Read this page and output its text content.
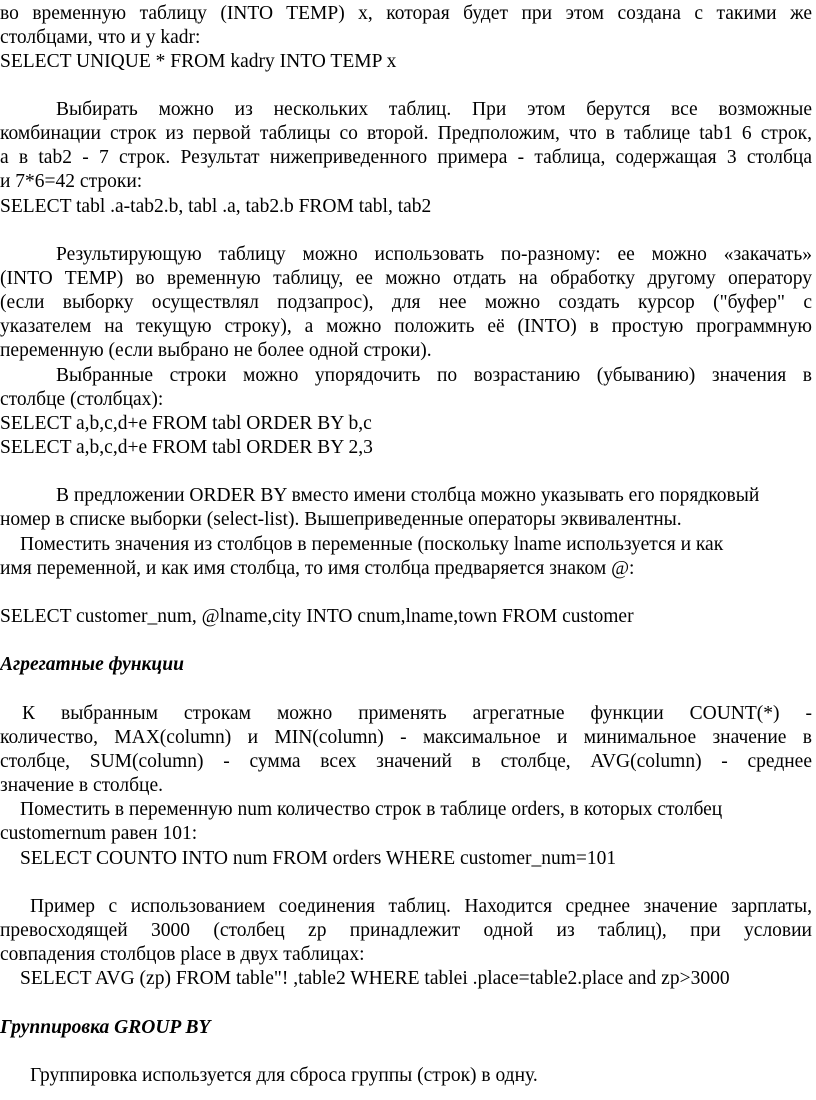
во временную таблицу (INTO TEMP) x, которая будет при этом создана с такими же
столбцами, что и у kadr:
SELECT UNIQUE * FROM kadry INTO TEMP x
Выбирать можно из нескольких таблиц. При этом берутся все возможные
комбинации строк из первой таблицы со второй. Предположим, что в таблице tab1 6 строк,
а в tab2 - 7 строк. Результат нижеприведенного примера - таблица, содержащая 3 столбца
и 7*6=42 строки:
SELECT tabl .a-tab2.b, tabl .a, tab2.b FROM tabl, tab2
Результирующую таблицу можно использовать по-разному: ее можно «закачать»
(INTO TEMP) во временную таблицу, ее можно отдать на обработку другому оператору
(если выборку осуществлял подзапрос), для нее можно создать курсор ("буфер" с
указателем на текущую строку), а можно положить её (INTO) в простую программную
переменную (если выбрано не более одной строки).
Выбранные строки можно упорядочить по возрастанию (убыванию) значения в
столбце (столбцах):
SELECT a,b,c,d+e FROM tabl ORDER BY b,c
SELECT a,b,c,d+e FROM tabl ORDER BY 2,3
В предложении ORDER BY вместо имени столбца можно указывать его порядковый
номер в списке выборки (select-list). Вышеприведенные операторы эквивалентны.
Поместить значения из столбцов в переменные (поскольку lname используется и как
имя переменной, и как имя столбца, то имя столбца предваряется знаком @:
SELECT customer_num, @lname,city INTO cnum,lname,town FROM customer
Агрегатные функции
К выбранным строкам можно применять агрегатные функции COUNT(*) -
количество, MAX(column) и MIN(column) - максимальное и минимальное значение в
столбце, SUM(column) - сумма всех значений в столбце, AVG(column) - среднее
значение в столбце.
Поместить в переменную num количество строк в таблице orders, в которых столбец
customernum равен 101:
SELECT COUNTO INTO num FROM orders WHERE customer_num=101
Пример с использованием соединения таблиц. Находится среднее значение зарплаты,
превосходящей 3000 (столбец zp принадлежит одной из таблиц), при условии
совпадения столбцов place в двух таблицах:
SELECT AVG (zp) FROM table"! ,table2 WHERE tablei .place=table2.place and zp>3000
Группировка GROUP BY
Группировка используется для сброса группы (строк) в одну.
